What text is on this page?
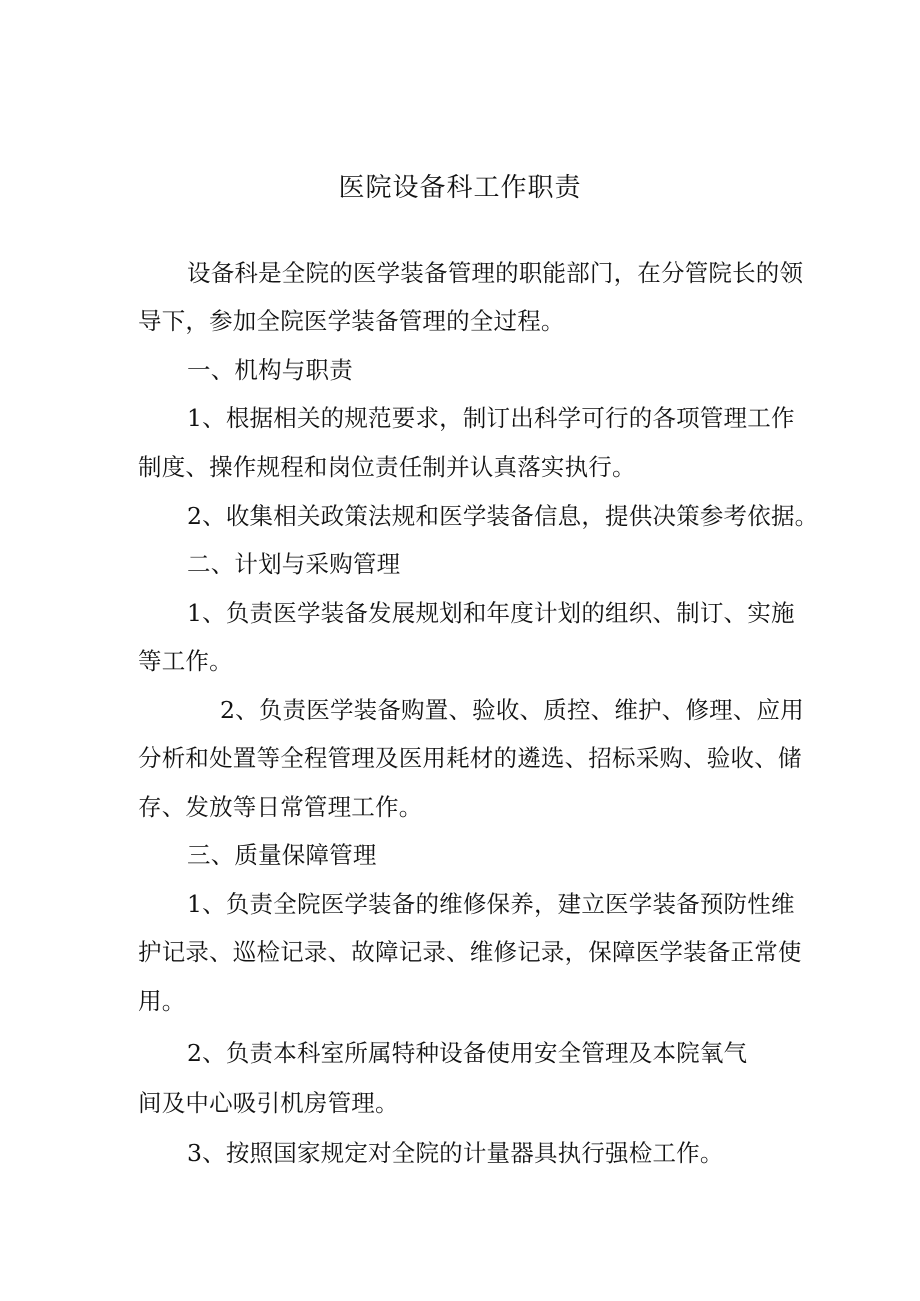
医院设备科工作职责
设备科是全院的医学装备管理的职能部门，在分管院长的领
导下，参加全院医学装备管理的全过程。
一、机构与职责
1、根据相关的规范要求，制订出科学可行的各项管理工作
制度、操作规程和岗位责任制并认真落实执行。
2、收集相关政策法规和医学装备信息，提供决策参考依据。
二、计划与采购管理
1、负责医学装备发展规划和年度计划的组织、制订、实施
等工作。
2、负责医学装备购置、验收、质控、维护、修理、应用
分析和处置等全程管理及医用耗材的遴选、招标采购、验收、储
存、发放等日常管理工作。
三、质量保障管理
1、负责全院医学装备的维修保养，建立医学装备预防性维
护记录、巡检记录、故障记录、维修记录，保障医学装备正常使
用。
2、负责本科室所属特种设备使用安全管理及本院氧气
间及中心吸引机房管理。
3、按照国家规定对全院的计量器具执行强检工作。
